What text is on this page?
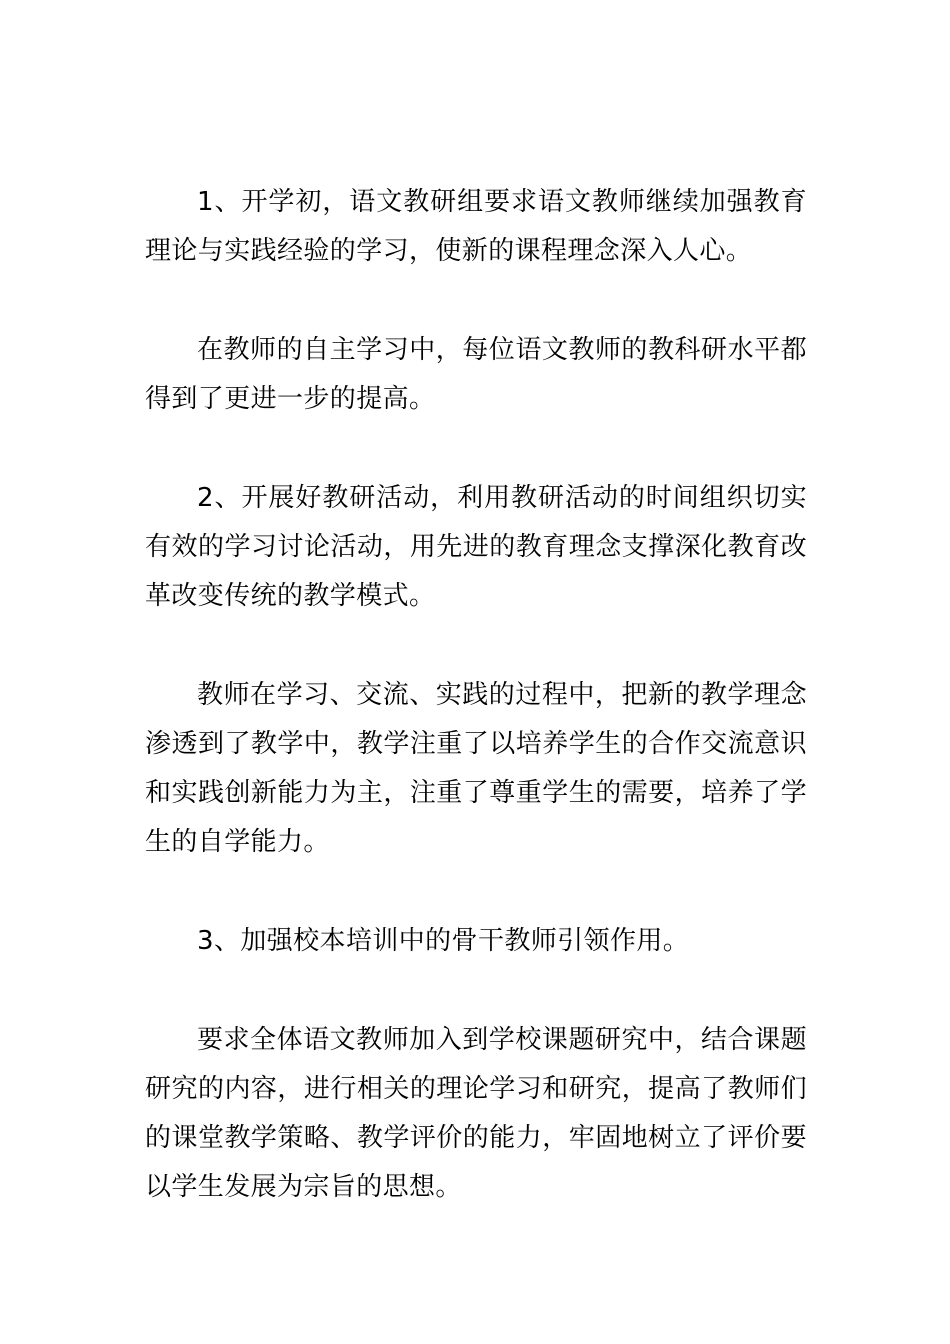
1、开学初，语文教研组要求语文教师继续加强教育理论与实践经验的学习，使新的课程理念深入人心。

在教师的自主学习中，每位语文教师的教科研水平都得到了更进一步的提高。

2、开展好教研活动，利用教研活动的时间组织切实有效的学习讨论活动，用先进的教育理念支撑深化教育改革改变传统的教学模式。

教师在学习、交流、实践的过程中，把新的教学理念渗透到了教学中，教学注重了以培养学生的合作交流意识和实践创新能力为主，注重了尊重学生的需要，培养了学生的自学能力。

3、加强校本培训中的骨干教师引领作用。

要求全体语文教师加入到学校课题研究中，结合课题研究的内容，进行相关的理论学习和研究，提高了教师们的课堂教学策略、教学评价的能力，牢固地树立了评价要以学生发展为宗旨的思想。
